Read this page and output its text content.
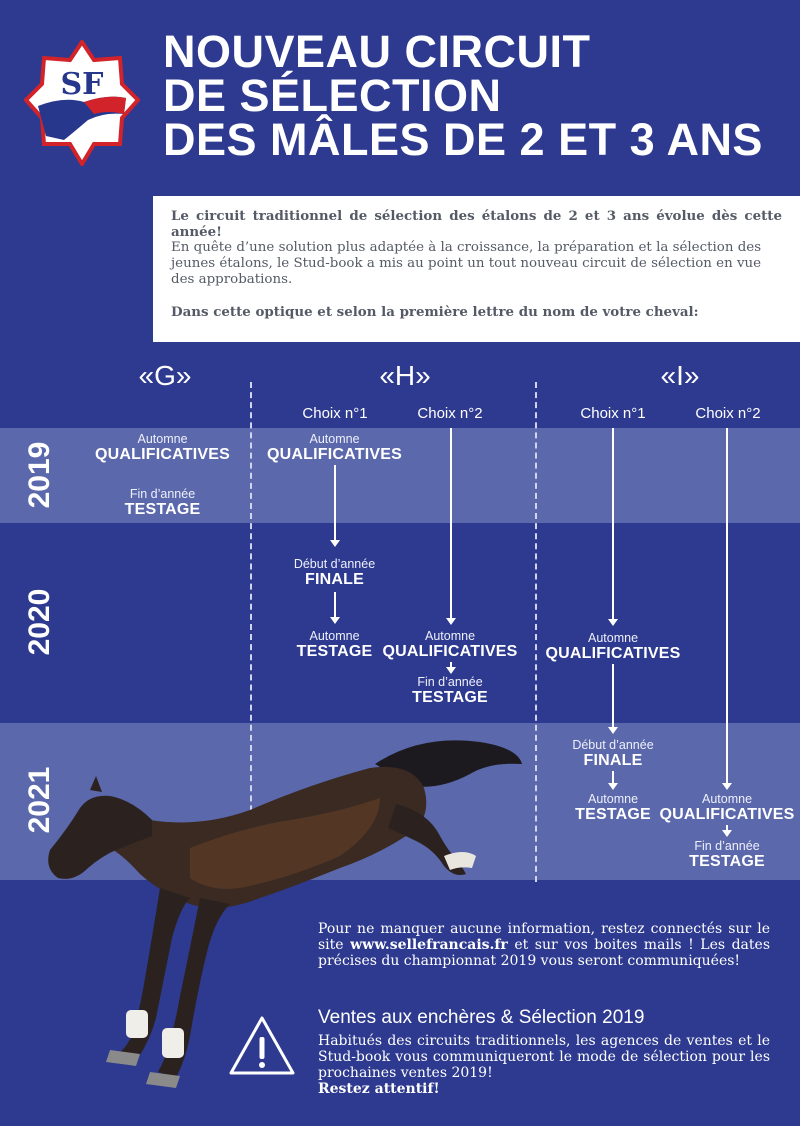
SF
NOUVEAU CIRCUIT
DE SÉLECTION
DES MÂLES DE 2 ET 3 ANS
Le circuit traditionnel de sélection des étalons de 2 et 3 ans évolue dès cette année!
En quête d’une solution plus adaptée à la croissance, la préparation et la sélection des jeunes étalons, le Stud-book a mis au point un tout nouveau circuit de sélection en vue des approbations.
Dans cette optique et selon la première lettre du nom de votre cheval:
2019
2020
2021
«G»	«H»	«I»
Choix n°1	Choix n°2	Choix n°1	Choix n°2
Automne
QUALIFICATIVES
Fin d’année
TESTAGE
Automne
QUALIFICATIVES
Début d’année
FINALE
Automne
TESTAGE
Automne
QUALIFICATIVES
Fin d’année
TESTAGE
Automne
QUALIFICATIVES
Début d’année
FINALE
Automne
TESTAGE
Automne
QUALIFICATIVES
Fin d’année
TESTAGE
Pour ne manquer aucune information, restez connectés sur le site www.sellefrancais.fr et sur vos boites mails ! Les dates précises du championnat 2019 vous seront communiquées!
Ventes aux enchères & Sélection 2019
Habitués des circuits traditionnels, les agences de ventes et le Stud-book vous communiqueront le mode de sélection pour les prochaines ventes 2019!
Restez attentif!
